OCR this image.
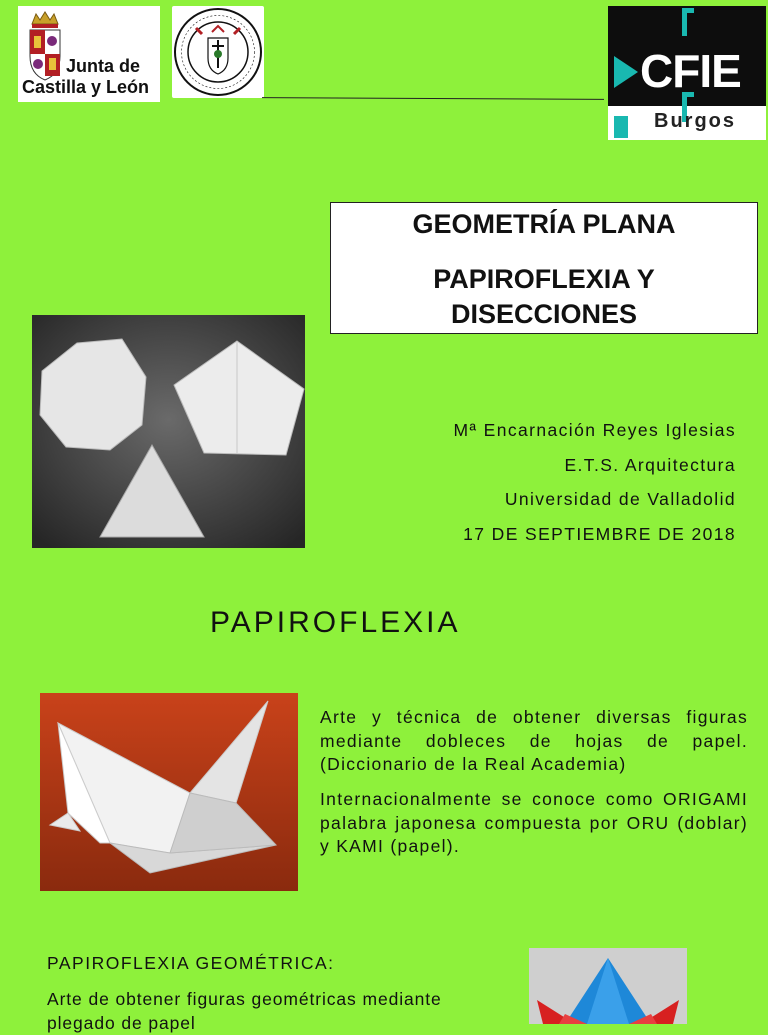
Junta de
Castilla y León	CFIE
Burgos
GEOMETRÍA PLANA
PAPIROFLEXIA Y
DISECCIONES
Mª Encarnación Reyes Iglesias
E.T.S. Arquitectura
Universidad de Valladolid
17 DE SEPTIEMBRE DE 2018
PAPIROFLEXIA

Arte y técnica de obtener diversas figuras mediante dobleces de hojas de papel. (Diccionario de la Real Academia)

Internacionalmente se conoce como ORIGAMI palabra japonesa compuesta por ORU (doblar) y KAMI (papel).

PAPIROFLEXIA GEOMÉTRICA:
Arte de obtener figuras geométricas mediante plegado de papel
